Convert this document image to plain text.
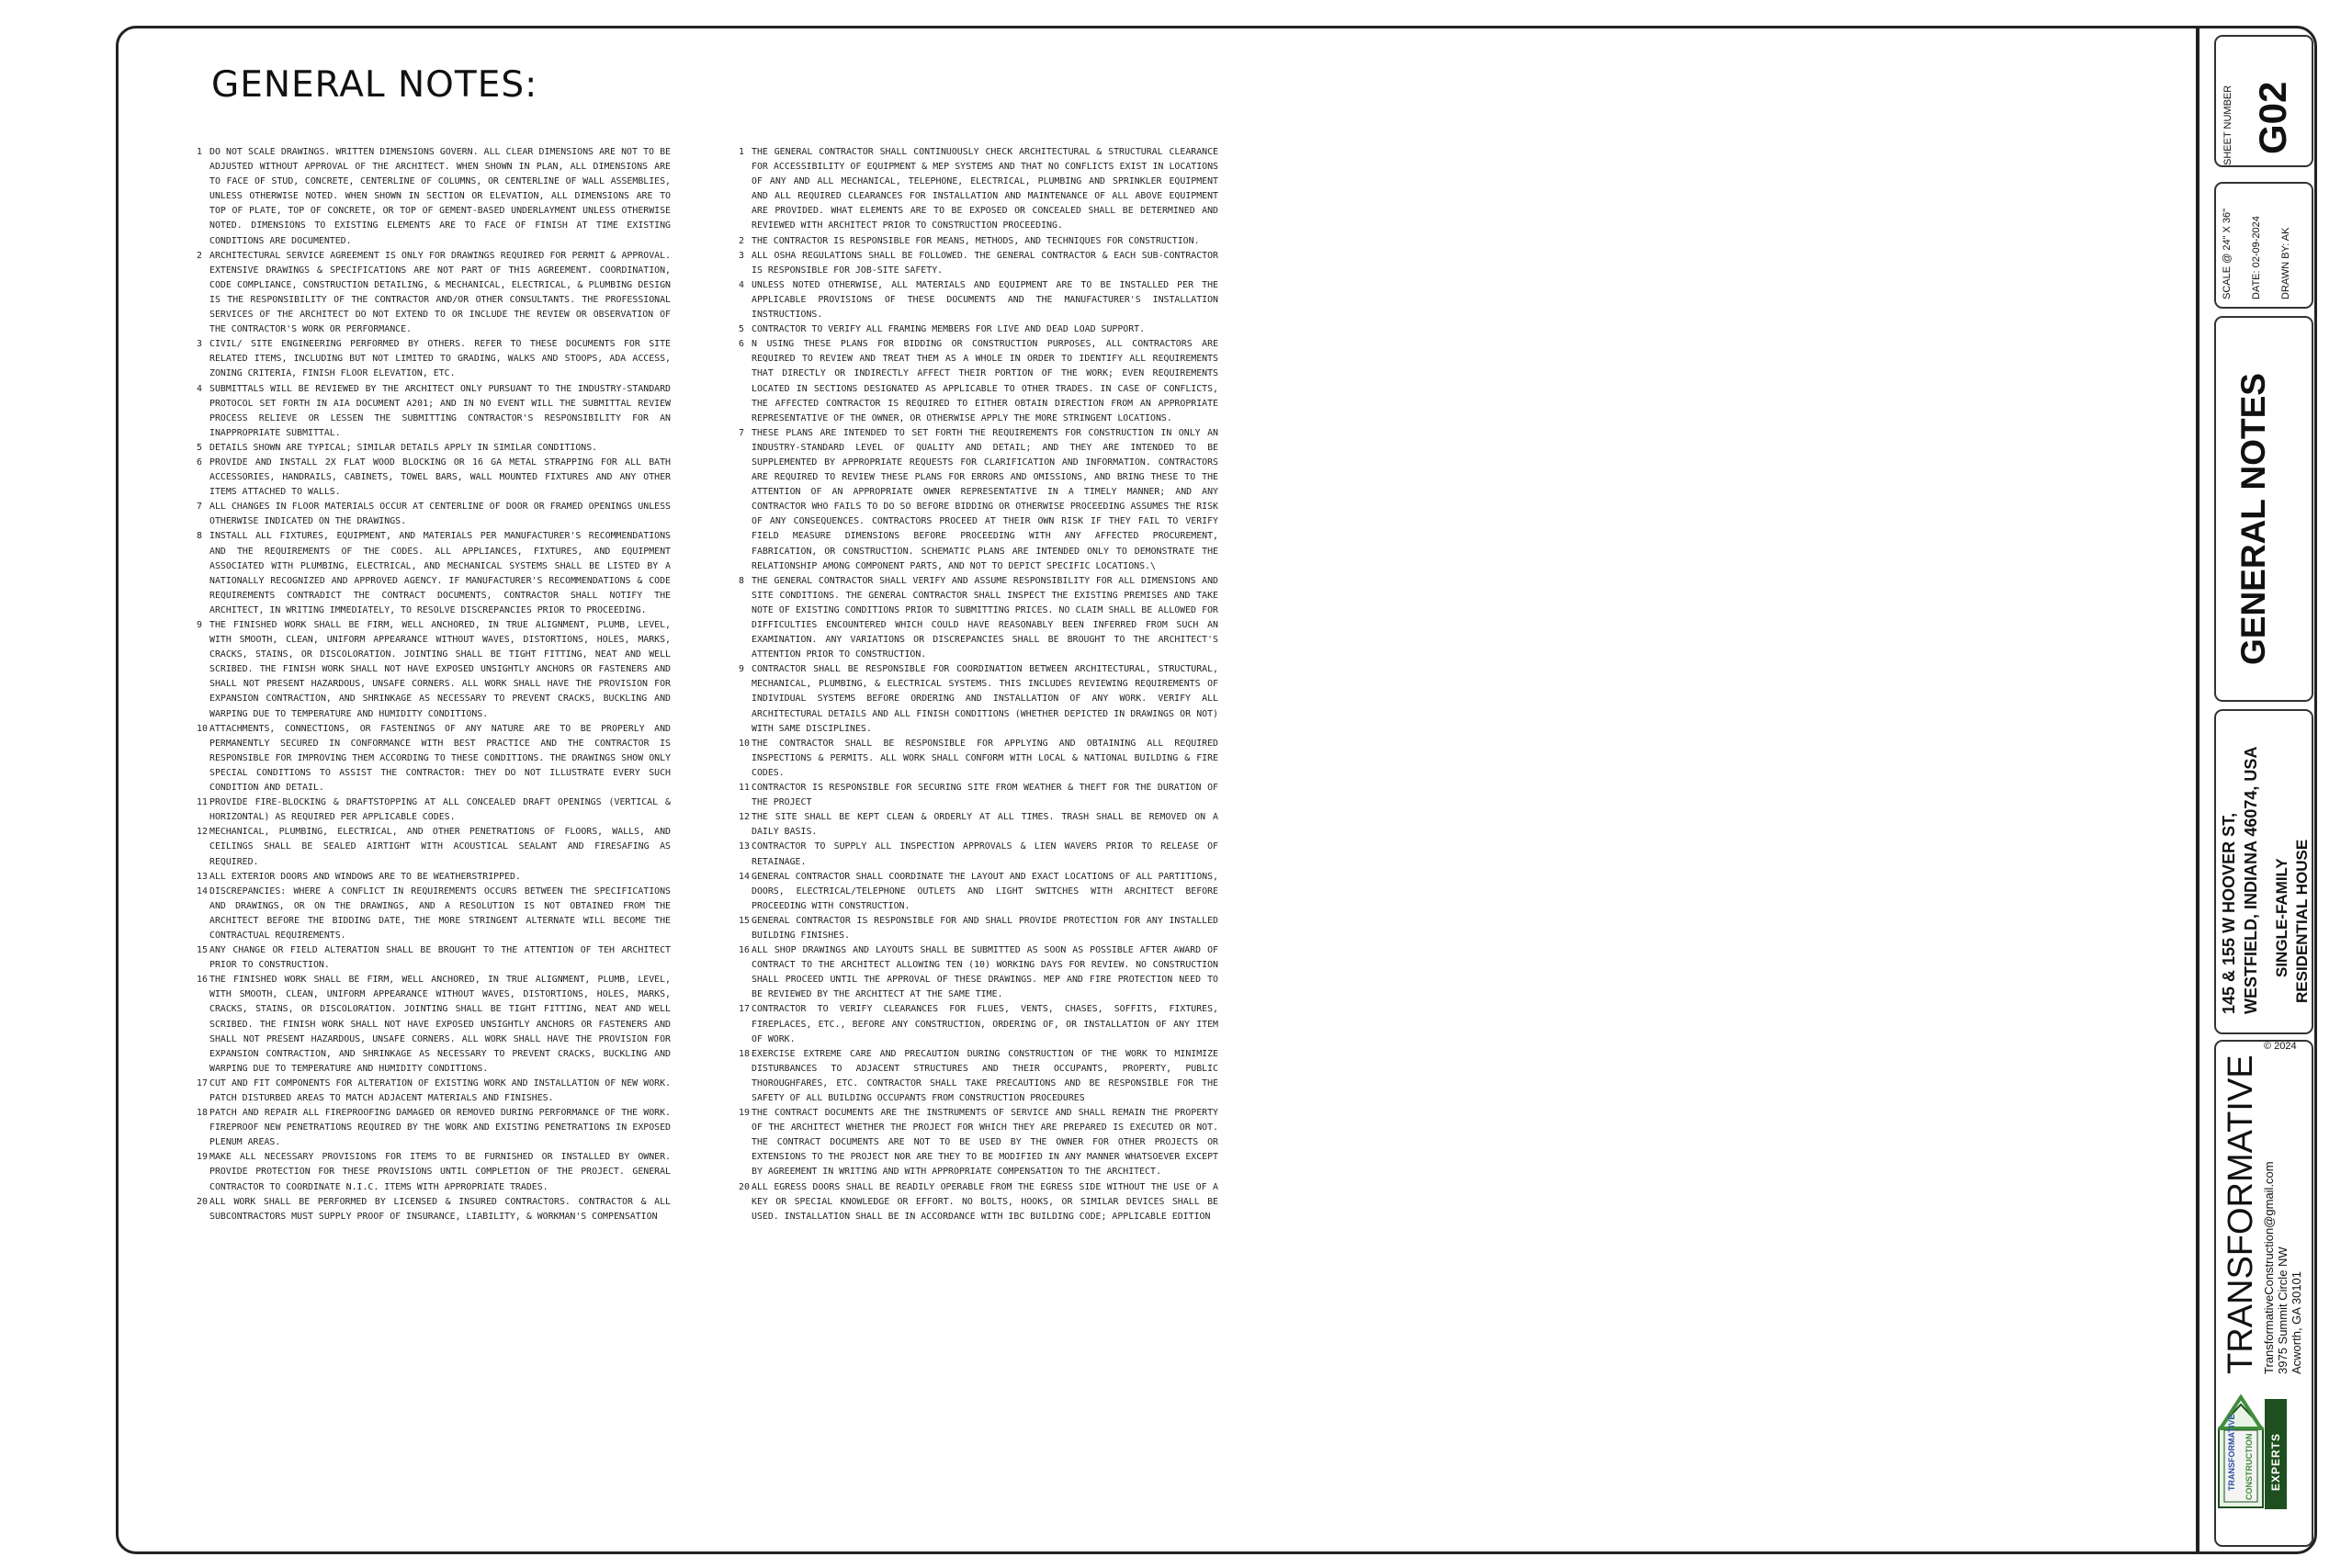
GENERAL NOTES:
1 DO NOT SCALE DRAWINGS. WRITTEN DIMENSIONS GOVERN. ALL CLEAR DIMENSIONS ARE NOT TO BE ADJUSTED WITHOUT APPROVAL OF THE ARCHITECT. WHEN SHOWN IN PLAN, ALL DIMENSIONS ARE TO FACE OF STUD, CONCRETE, CENTERLINE OF COLUMNS, OR CENTERLINE OF WALL ASSEMBLIES, UNLESS OTHERWISE NOTED. WHEN SHOWN IN SECTION OR ELEVATION, ALL DIMENSIONS ARE TO TOP OF PLATE, TOP OF CONCRETE, OR TOP OF GEMENT-BASED UNDERLAYMENT UNLESS OTHERWISE NOTED. DIMENSIONS TO EXISTING ELEMENTS ARE TO FACE OF FINISH AT TIME EXISTING CONDITIONS ARE DOCUMENTED.
2 ARCHITECTURAL SERVICE AGREEMENT IS ONLY FOR DRAWINGS REQUIRED FOR PERMIT & APPROVAL. EXTENSIVE DRAWINGS & SPECIFICATIONS ARE NOT PART OF THIS AGREEMENT. COORDINATION, CODE COMPLIANCE, CONSTRUCTION DETAILING, & MECHANICAL, ELECTRICAL, & PLUMBING DESIGN IS THE RESPONSIBILITY OF THE CONTRACTOR AND/OR OTHER CONSULTANTS. THE PROFESSIONAL SERVICES OF THE ARCHITECT DO NOT EXTEND TO OR INCLUDE THE REVIEW OR OBSERVATION OF THE CONTRACTOR'S WORK OR PERFORMANCE.
3 CIVIL/ SITE ENGINEERING PERFORMED BY OTHERS. REFER TO THESE DOCUMENTS FOR SITE RELATED ITEMS, INCLUDING BUT NOT LIMITED TO GRADING, WALKS AND STOOPS, ADA ACCESS, ZONING CRITERIA, FINISH FLOOR ELEVATION, ETC.
4 SUBMITTALS WILL BE REVIEWED BY THE ARCHITECT ONLY PURSUANT TO THE INDUSTRY-STANDARD PROTOCOL SET FORTH IN AIA DOCUMENT A201; AND IN NO EVENT WILL THE SUBMITTAL REVIEW PROCESS RELIEVE OR LESSEN THE SUBMITTING CONTRACTOR'S RESPONSIBILITY FOR AN INAPPROPRIATE SUBMITTAL.
5 DETAILS SHOWN ARE TYPICAL; SIMILAR DETAILS APPLY IN SIMILAR CONDITIONS.
6 PROVIDE AND INSTALL 2X FLAT WOOD BLOCKING OR 16 GA METAL STRAPPING FOR ALL BATH ACCESSORIES, HANDRAILS, CABINETS, TOWEL BARS, WALL MOUNTED FIXTURES AND ANY OTHER ITEMS ATTACHED TO WALLS.
7 ALL CHANGES IN FLOOR MATERIALS OCCUR AT CENTERLINE OF DOOR OR FRAMED OPENINGS UNLESS OTHERWISE INDICATED ON THE DRAWINGS.
8 INSTALL ALL FIXTURES, EQUIPMENT, AND MATERIALS PER MANUFACTURER'S RECOMMENDATIONS AND THE REQUIREMENTS OF THE CODES. ALL APPLIANCES, FIXTURES, AND EQUIPMENT ASSOCIATED WITH PLUMBING, ELECTRICAL, AND MECHANICAL SYSTEMS SHALL BE LISTED BY A NATIONALLY RECOGNIZED AND APPROVED AGENCY. IF MANUFACTURER'S RECOMMENDATIONS & CODE REQUIREMENTS CONTRADICT THE CONTRACT DOCUMENTS, CONTRACTOR SHALL NOTIFY THE ARCHITECT, IN WRITING IMMEDIATELY, TO RESOLVE DISCREPANCIES PRIOR TO PROCEEDING.
9 THE FINISHED WORK SHALL BE FIRM, WELL ANCHORED, IN TRUE ALIGNMENT, PLUMB, LEVEL, WITH SMOOTH, CLEAN, UNIFORM APPEARANCE WITHOUT WAVES, DISTORTIONS, HOLES, MARKS, CRACKS, STAINS, OR DISCOLORATION. JOINTING SHALL BE TIGHT FITTING, NEAT AND WELL SCRIBED. THE FINISH WORK SHALL NOT HAVE EXPOSED UNSIGHTLY ANCHORS OR FASTENERS AND SHALL NOT PRESENT HAZARDOUS, UNSAFE CORNERS. ALL WORK SHALL HAVE THE PROVISION FOR EXPANSION CONTRACTION, AND SHRINKAGE AS NECESSARY TO PREVENT CRACKS, BUCKLING AND WARPING DUE TO TEMPERATURE AND HUMIDITY CONDITIONS.
10 ATTACHMENTS, CONNECTIONS, OR FASTENINGS OF ANY NATURE ARE TO BE PROPERLY AND PERMANENTLY SECURED IN CONFORMANCE WITH BEST PRACTICE AND THE CONTRACTOR IS RESPONSIBLE FOR IMPROVING THEM ACCORDING TO THESE CONDITIONS. THE DRAWINGS SHOW ONLY SPECIAL CONDITIONS TO ASSIST THE CONTRACTOR: THEY DO NOT ILLUSTRATE EVERY SUCH CONDITION AND DETAIL.
11 PROVIDE FIRE-BLOCKING & DRAFTSTOPPING AT ALL CONCEALED DRAFT OPENINGS (VERTICAL & HORIZONTAL) AS REQUIRED PER APPLICABLE CODES.
12 MECHANICAL, PLUMBING, ELECTRICAL, AND OTHER PENETRATIONS OF FLOORS, WALLS, AND CEILINGS SHALL BE SEALED AIRTIGHT WITH ACOUSTICAL SEALANT AND FIRESAFING AS REQUIRED.
13 ALL EXTERIOR DOORS AND WINDOWS ARE TO BE WEATHERSTRIPPED.
14 DISCREPANCIES: WHERE A CONFLICT IN REQUIREMENTS OCCURS BETWEEN THE SPECIFICATIONS AND DRAWINGS, OR ON THE DRAWINGS, AND A RESOLUTION IS NOT OBTAINED FROM THE ARCHITECT BEFORE THE BIDDING DATE, THE MORE STRINGENT ALTERNATE WILL BECOME THE CONTRACTUAL REQUIREMENTS.
15 ANY CHANGE OR FIELD ALTERATION SHALL BE BROUGHT TO THE ATTENTION OF TEH ARCHITECT PRIOR TO CONSTRUCTION.
16 THE FINISHED WORK SHALL BE FIRM, WELL ANCHORED, IN TRUE ALIGNMENT, PLUMB, LEVEL, WITH SMOOTH, CLEAN, UNIFORM APPEARANCE WITHOUT WAVES, DISTORTIONS, HOLES, MARKS, CRACKS, STAINS, OR DISCOLORATION. JOINTING SHALL BE TIGHT FITTING, NEAT AND WELL SCRIBED. THE FINISH WORK SHALL NOT HAVE EXPOSED UNSIGHTLY ANCHORS OR FASTENERS AND SHALL NOT PRESENT HAZARDOUS, UNSAFE CORNERS. ALL WORK SHALL HAVE THE PROVISION FOR EXPANSION CONTRACTION, AND SHRINKAGE AS NECESSARY TO PREVENT CRACKS, BUCKLING AND WARPING DUE TO TEMPERATURE AND HUMIDITY CONDITIONS.
17 CUT AND FIT COMPONENTS FOR ALTERATION OF EXISTING WORK AND INSTALLATION OF NEW WORK. PATCH DISTURBED AREAS TO MATCH ADJACENT MATERIALS AND FINISHES.
18 PATCH AND REPAIR ALL FIREPROOFING DAMAGED OR REMOVED DURING PERFORMANCE OF THE WORK. FIREPROOF NEW PENETRATIONS REQUIRED BY THE WORK AND EXISTING PENETRATIONS IN EXPOSED PLENUM AREAS.
19 MAKE ALL NECESSARY PROVISIONS FOR ITEMS TO BE FURNISHED OR INSTALLED BY OWNER. PROVIDE PROTECTION FOR THESE PROVISIONS UNTIL COMPLETION OF THE PROJECT. GENERAL CONTRACTOR TO COORDINATE N.I.C. ITEMS WITH APPROPRIATE TRADES.
20 ALL WORK SHALL BE PERFORMED BY LICENSED & INSURED CONTRACTORS. CONTRACTOR & ALL SUBCONTRACTORS MUST SUPPLY PROOF OF INSURANCE, LIABILITY, & WORKMAN'S COMPENSATION
1 THE GENERAL CONTRACTOR SHALL CONTINUOUSLY CHECK ARCHITECTURAL & STRUCTURAL CLEARANCE FOR ACCESSIBILITY OF EQUIPMENT & MEP SYSTEMS AND THAT NO CONFLICTS EXIST IN LOCATIONS OF ANY AND ALL MECHANICAL, TELEPHONE, ELECTRICAL, PLUMBING AND SPRINKLER EQUIPMENT AND ALL REQUIRED CLEARANCES FOR INSTALLATION AND MAINTENANCE OF ALL ABOVE EQUIPMENT ARE PROVIDED. WHAT ELEMENTS ARE TO BE EXPOSED OR CONCEALED SHALL BE DETERMINED AND REVIEWED WITH ARCHITECT PRIOR TO CONSTRUCTION PROCEEDING.
2 THE CONTRACTOR IS RESPONSIBLE FOR MEANS, METHODS, AND TECHNIQUES FOR CONSTRUCTION.
3 ALL OSHA REGULATIONS SHALL BE FOLLOWED. THE GENERAL CONTRACTOR & EACH SUB-CONTRACTOR IS RESPONSIBLE FOR JOB-SITE SAFETY.
4 UNLESS NOTED OTHERWISE, ALL MATERIALS AND EQUIPMENT ARE TO BE INSTALLED PER THE APPLICABLE PROVISIONS OF THESE DOCUMENTS AND THE MANUFACTURER'S INSTALLATION INSTRUCTIONS.
5 CONTRACTOR TO VERIFY ALL FRAMING MEMBERS FOR LIVE AND DEAD LOAD SUPPORT.
6 N USING THESE PLANS FOR BIDDING OR CONSTRUCTION PURPOSES, ALL CONTRACTORS ARE REQUIRED TO REVIEW AND TREAT THEM AS A WHOLE IN ORDER TO IDENTIFY ALL REQUIREMENTS THAT DIRECTLY OR INDIRECTLY AFFECT THEIR PORTION OF THE WORK; EVEN REQUIREMENTS LOCATED IN SECTIONS DESIGNATED AS APPLICABLE TO OTHER TRADES. IN CASE OF CONFLICTS, THE AFFECTED CONTRACTOR IS REQUIRED TO EITHER OBTAIN DIRECTION FROM AN APPROPRIATE REPRESENTATIVE OF THE OWNER, OR OTHERWISE APPLY THE MORE STRINGENT LOCATIONS.
7 THESE PLANS ARE INTENDED TO SET FORTH THE REQUIREMENTS FOR CONSTRUCTION IN ONLY AN INDUSTRY-STANDARD LEVEL OF QUALITY AND DETAIL; AND THEY ARE INTENDED TO BE SUPPLEMENTED BY APPROPRIATE REQUESTS FOR CLARIFICATION AND INFORMATION. CONTRACTORS ARE REQUIRED TO REVIEW THESE PLANS FOR ERRORS AND OMISSIONS, AND BRING THESE TO THE ATTENTION OF AN APPROPRIATE OWNER REPRESENTATIVE IN A TIMELY MANNER; AND ANY CONTRACTOR WHO FAILS TO DO SO BEFORE BIDDING OR OTHERWISE PROCEEDING ASSUMES THE RISK OF ANY CONSEQUENCES. CONTRACTORS PROCEED AT THEIR OWN RISK IF THEY FAIL TO VERIFY FIELD MEASURE DIMENSIONS BEFORE PROCEEDING WITH ANY AFFECTED PROCUREMENT, FABRICATION, OR CONSTRUCTION. SCHEMATIC PLANS ARE INTENDED ONLY TO DEMONSTRATE THE RELATIONSHIP AMONG COMPONENT PARTS, AND NOT TO DEPICT SPECIFIC LOCATIONS.\
8 THE GENERAL CONTRACTOR SHALL VERIFY AND ASSUME RESPONSIBILITY FOR ALL DIMENSIONS AND SITE CONDITIONS. THE GENERAL CONTRACTOR SHALL INSPECT THE EXISTING PREMISES AND TAKE NOTE OF EXISTING CONDITIONS PRIOR TO SUBMITTING PRICES. NO CLAIM SHALL BE ALLOWED FOR DIFFICULTIES ENCOUNTERED WHICH COULD HAVE REASONABLY BEEN INFERRED FROM SUCH AN EXAMINATION. ANY VARIATIONS OR DISCREPANCIES SHALL BE BROUGHT TO THE ARCHITECT'S ATTENTION PRIOR TO CONSTRUCTION.
9 CONTRACTOR SHALL BE RESPONSIBLE FOR COORDINATION BETWEEN ARCHITECTURAL, STRUCTURAL, MECHANICAL, PLUMBING, & ELECTRICAL SYSTEMS. THIS INCLUDES REVIEWING REQUIREMENTS OF INDIVIDUAL SYSTEMS BEFORE ORDERING AND INSTALLATION OF ANY WORK. VERIFY ALL ARCHITECTURAL DETAILS AND ALL FINISH CONDITIONS (WHETHER DEPICTED IN DRAWINGS OR NOT) WITH SAME DISCIPLINES.
10 THE CONTRACTOR SHALL BE RESPONSIBLE FOR APPLYING AND OBTAINING ALL REQUIRED INSPECTIONS & PERMITS. ALL WORK SHALL CONFORM WITH LOCAL & NATIONAL BUILDING & FIRE CODES.
11 CONTRACTOR IS RESPONSIBLE FOR SECURING SITE FROM WEATHER & THEFT FOR THE DURATION OF THE PROJECT
12 THE SITE SHALL BE KEPT CLEAN & ORDERLY AT ALL TIMES. TRASH SHALL BE REMOVED ON A DAILY BASIS.
13 CONTRACTOR TO SUPPLY ALL INSPECTION APPROVALS & LIEN WAVERS PRIOR TO RELEASE OF RETAINAGE.
14 GENERAL CONTRACTOR SHALL COORDINATE THE LAYOUT AND EXACT LOCATIONS OF ALL PARTITIONS, DOORS, ELECTRICAL/TELEPHONE OUTLETS AND LIGHT SWITCHES WITH ARCHITECT BEFORE PROCEEDING WITH CONSTRUCTION.
15 GENERAL CONTRACTOR IS RESPONSIBLE FOR AND SHALL PROVIDE PROTECTION FOR ANY INSTALLED BUILDING FINISHES.
16 ALL SHOP DRAWINGS AND LAYOUTS SHALL BE SUBMITTED AS SOON AS POSSIBLE AFTER AWARD OF CONTRACT TO THE ARCHITECT ALLOWING TEN (10) WORKING DAYS FOR REVIEW. NO CONSTRUCTION SHALL PROCEED UNTIL THE APPROVAL OF THESE DRAWINGS. MEP AND FIRE PROTECTION NEED TO BE REVIEWED BY THE ARCHITECT AT THE SAME TIME.
17 CONTRACTOR TO VERIFY CLEARANCES FOR FLUES, VENTS, CHASES, SOFFITS, FIXTURES, FIREPLACES, ETC., BEFORE ANY CONSTRUCTION, ORDERING OF, OR INSTALLATION OF ANY ITEM OF WORK.
18 EXERCISE EXTREME CARE AND PRECAUTION DURING CONSTRUCTION OF THE WORK TO MINIMIZE DISTURBANCES TO ADJACENT STRUCTURES AND THEIR OCCUPANTS, PROPERTY, PUBLIC THOROUGHFARES, ETC. CONTRACTOR SHALL TAKE PRECAUTIONS AND BE RESPONSIBLE FOR THE SAFETY OF ALL BUILDING OCCUPANTS FROM CONSTRUCTION PROCEDURES
19 THE CONTRACT DOCUMENTS ARE THE INSTRUMENTS OF SERVICE AND SHALL REMAIN THE PROPERTY OF THE ARCHITECT WHETHER THE PROJECT FOR WHICH THEY ARE PREPARED IS EXECUTED OR NOT. THE CONTRACT DOCUMENTS ARE NOT TO BE USED BY THE OWNER FOR OTHER PROJECTS OR EXTENSIONS TO THE PROJECT NOR ARE THEY TO BE MODIFIED IN ANY MANNER WHATSOEVER EXCEPT BY AGREEMENT IN WRITING AND WITH APPROPRIATE COMPENSATION TO THE ARCHITECT.
20 ALL EGRESS DOORS SHALL BE READILY OPERABLE FROM THE EGRESS SIDE WITHOUT THE USE OF A KEY OR SPECIAL KNOWLEDGE OR EFFORT. NO BOLTS, HOOKS, OR SIMILAR DEVICES SHALL BE USED. INSTALLATION SHALL BE IN ACCORDANCE WITH IBC BUILDING CODE; APPLICABLE EDITION
SHEET NUMBER G02
SCALE @ 24" X 36" DATE: 02-09-2024 DRAWN BY: AK
GENERAL NOTES
145 & 155 W HOOVER ST, WESTFIELD, INDIANA 46074, USA SINGLE-FAMILY RESIDENTIAL HOUSE
TRANSFORMATIVE TransformativeConstruction@gmail.com 3975 Summit Circle NW Acworth, GA 30101
© 2024
TRANSFORMATIVE CONSTRUCTION EXPERTS
